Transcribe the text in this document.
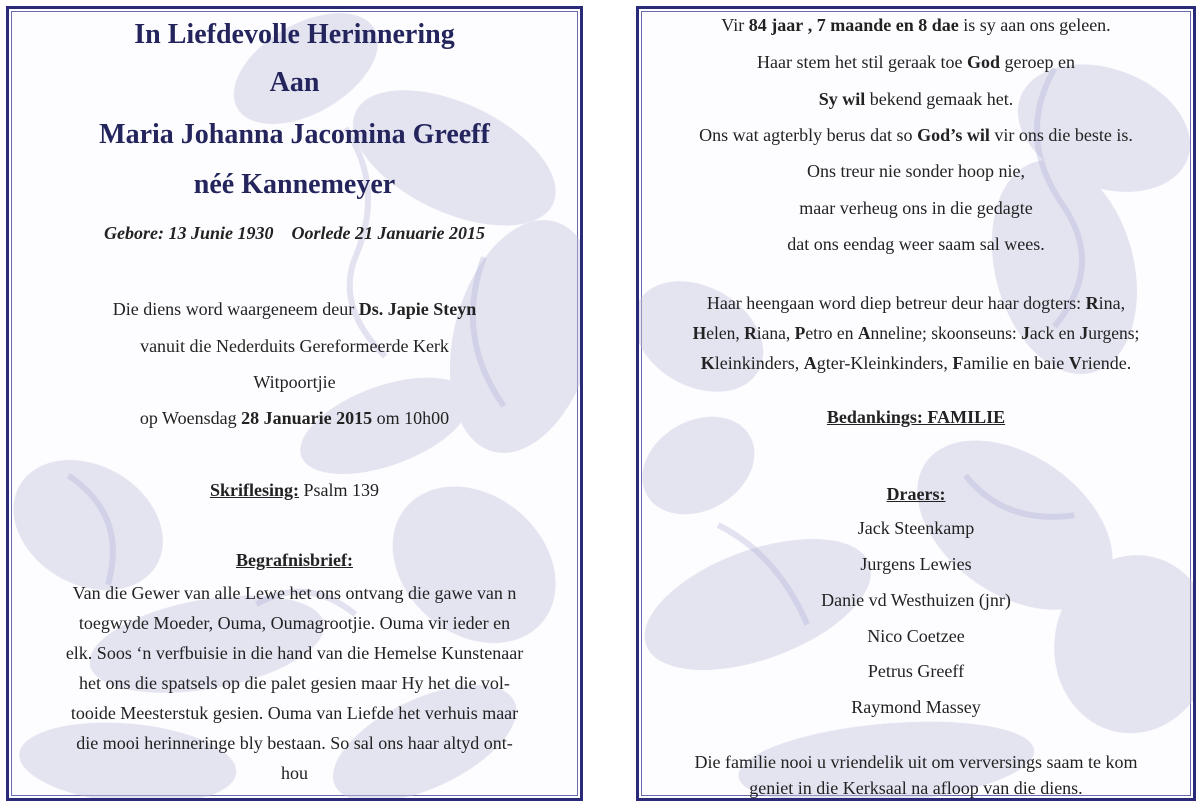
In Liefdevolle Herinnering
Aan
Maria Johanna Jacomina Greeff
néé Kannemeyer
Gebore: 13 Junie 1930 Oorlede 21 Januarie 2015
Die diens word waargeneem deur Ds. Japie Steyn
vanuit die Nederduits Gereformeerde Kerk
Witpoortjie
op Woensdag 28 Januarie 2015 om 10h00
Skriflesing: Psalm 139
Begrafnisbrief:
Van die Gewer van alle Lewe het ons ontvang die gawe van n
toegwyde Moeder, Ouma, Oumagrootjie. Ouma vir ieder en
elk. Soos ‘n verfbuisie in die hand van die Hemelse Kunstenaar
het ons die spatsels op die palet gesien maar Hy het die vol-
tooide Meesterstuk gesien. Ouma van Liefde het verhuis maar
die mooi herinneringe bly bestaan. So sal ons haar altyd ont-
hou
Vir 84 jaar , 7 maande en 8 dae is sy aan ons geleen.
Haar stem het stil geraak toe God geroep en
Sy wil bekend gemaak het.
Ons wat agterbly berus dat so God’s wil vir ons die beste is.
Ons treur nie sonder hoop nie,
maar verheug ons in die gedagte
dat ons eendag weer saam sal wees.
Haar heengaan word diep betreur deur haar dogters: Rina,
Helen, Riana, Petro en Anneline; skoonseuns: Jack en Jurgens;
Kleinkinders, Agter-Kleinkinders, Familie en baie Vriende.
Bedankings: FAMILIE
Draers:
Jack Steenkamp
Jurgens Lewies
Danie vd Westhuizen (jnr)
Nico Coetzee
Petrus Greeff
Raymond Massey
Die familie nooi u vriendelik uit om verversings saam te kom
geniet in die Kerksaal na afloop van die diens.
